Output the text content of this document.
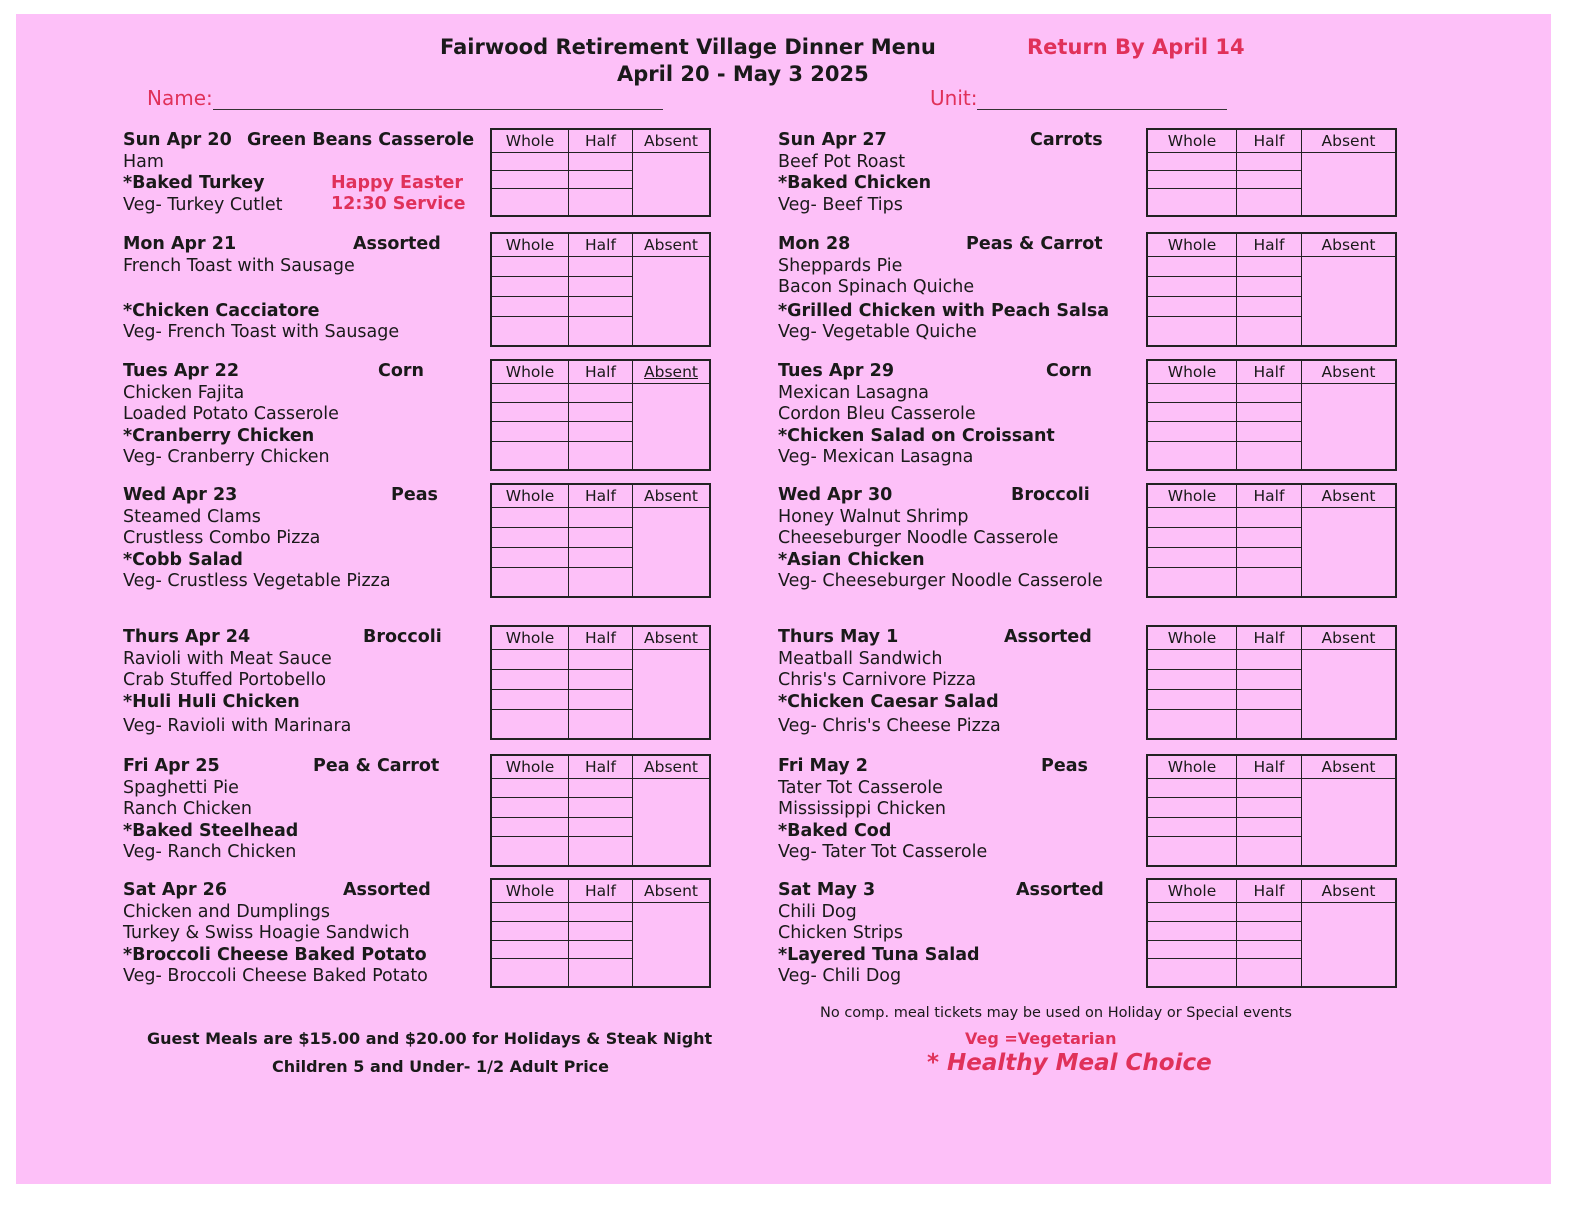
Fairwood Retirement Village Dinner Menu
April 20 - May 3 2025
Return By April 14
Name:	Unit:
Sun Apr 20 Green Beans Casserole
Ham
*Baked Turkey
Veg- Turkey Cutlet
Happy Easter
12:30 Service
Whole	Half	Absent

Mon Apr 21	Assorted
French Toast with Sausage
*Chicken Cacciatore
Veg- French Toast with Sausage
Whole	Half	Absent

Tues Apr 22	Corn
Chicken Fajita
Loaded Potato Casserole
*Cranberry Chicken
Veg- Cranberry Chicken
Whole	Half	Absent

Wed Apr 23	Peas
Steamed Clams
Crustless Combo Pizza
*Cobb Salad
Veg- Crustless Vegetable Pizza
Whole	Half	Absent

Thurs Apr 24	Broccoli
Ravioli with Meat Sauce
Crab Stuffed Portobello
*Huli Huli Chicken
Veg- Ravioli with Marinara
Whole	Half	Absent

Fri Apr 25	Pea & Carrot
Spaghetti Pie
Ranch Chicken
*Baked Steelhead
Veg- Ranch Chicken
Whole	Half	Absent

Sat Apr 26	Assorted
Chicken and Dumplings
Turkey & Swiss Hoagie Sandwich
*Broccoli Cheese Baked Potato
Veg- Broccoli Cheese Baked Potato
Whole	Half	Absent

Sun Apr 27	Carrots
Beef Pot Roast
*Baked Chicken
Veg- Beef Tips
Whole	Half	Absent

Mon 28	Peas & Carrot
Sheppards Pie
Bacon Spinach Quiche
*Grilled Chicken with Peach Salsa
Veg- Vegetable Quiche
Whole	Half	Absent

Tues Apr 29	Corn
Mexican Lasagna
Cordon Bleu Casserole
*Chicken Salad on Croissant
Veg- Mexican Lasagna
Whole	Half	Absent

Wed Apr 30	Broccoli
Honey Walnut Shrimp
Cheeseburger Noodle Casserole
*Asian Chicken
Veg- Cheeseburger Noodle Casserole
Whole	Half	Absent

Thurs May 1	Assorted
Meatball Sandwich
Chris's Carnivore Pizza
*Chicken Caesar Salad
Veg- Chris's Cheese Pizza
Whole	Half	Absent

Fri May 2	Peas
Tater Tot Casserole
Mississippi Chicken
*Baked Cod
Veg- Tater Tot Casserole
Whole	Half	Absent

Sat May 3	Assorted
Chili Dog
Chicken Strips
*Layered Tuna Salad
Veg- Chili Dog
Whole	Half	Absent

Guest Meals are $15.00 and $20.00 for Holidays & Steak Night
Children 5 and Under- 1/2 Adult Price
No comp. meal tickets may be used on Holiday or Special events
Veg =Vegetarian
* Healthy Meal Choice
